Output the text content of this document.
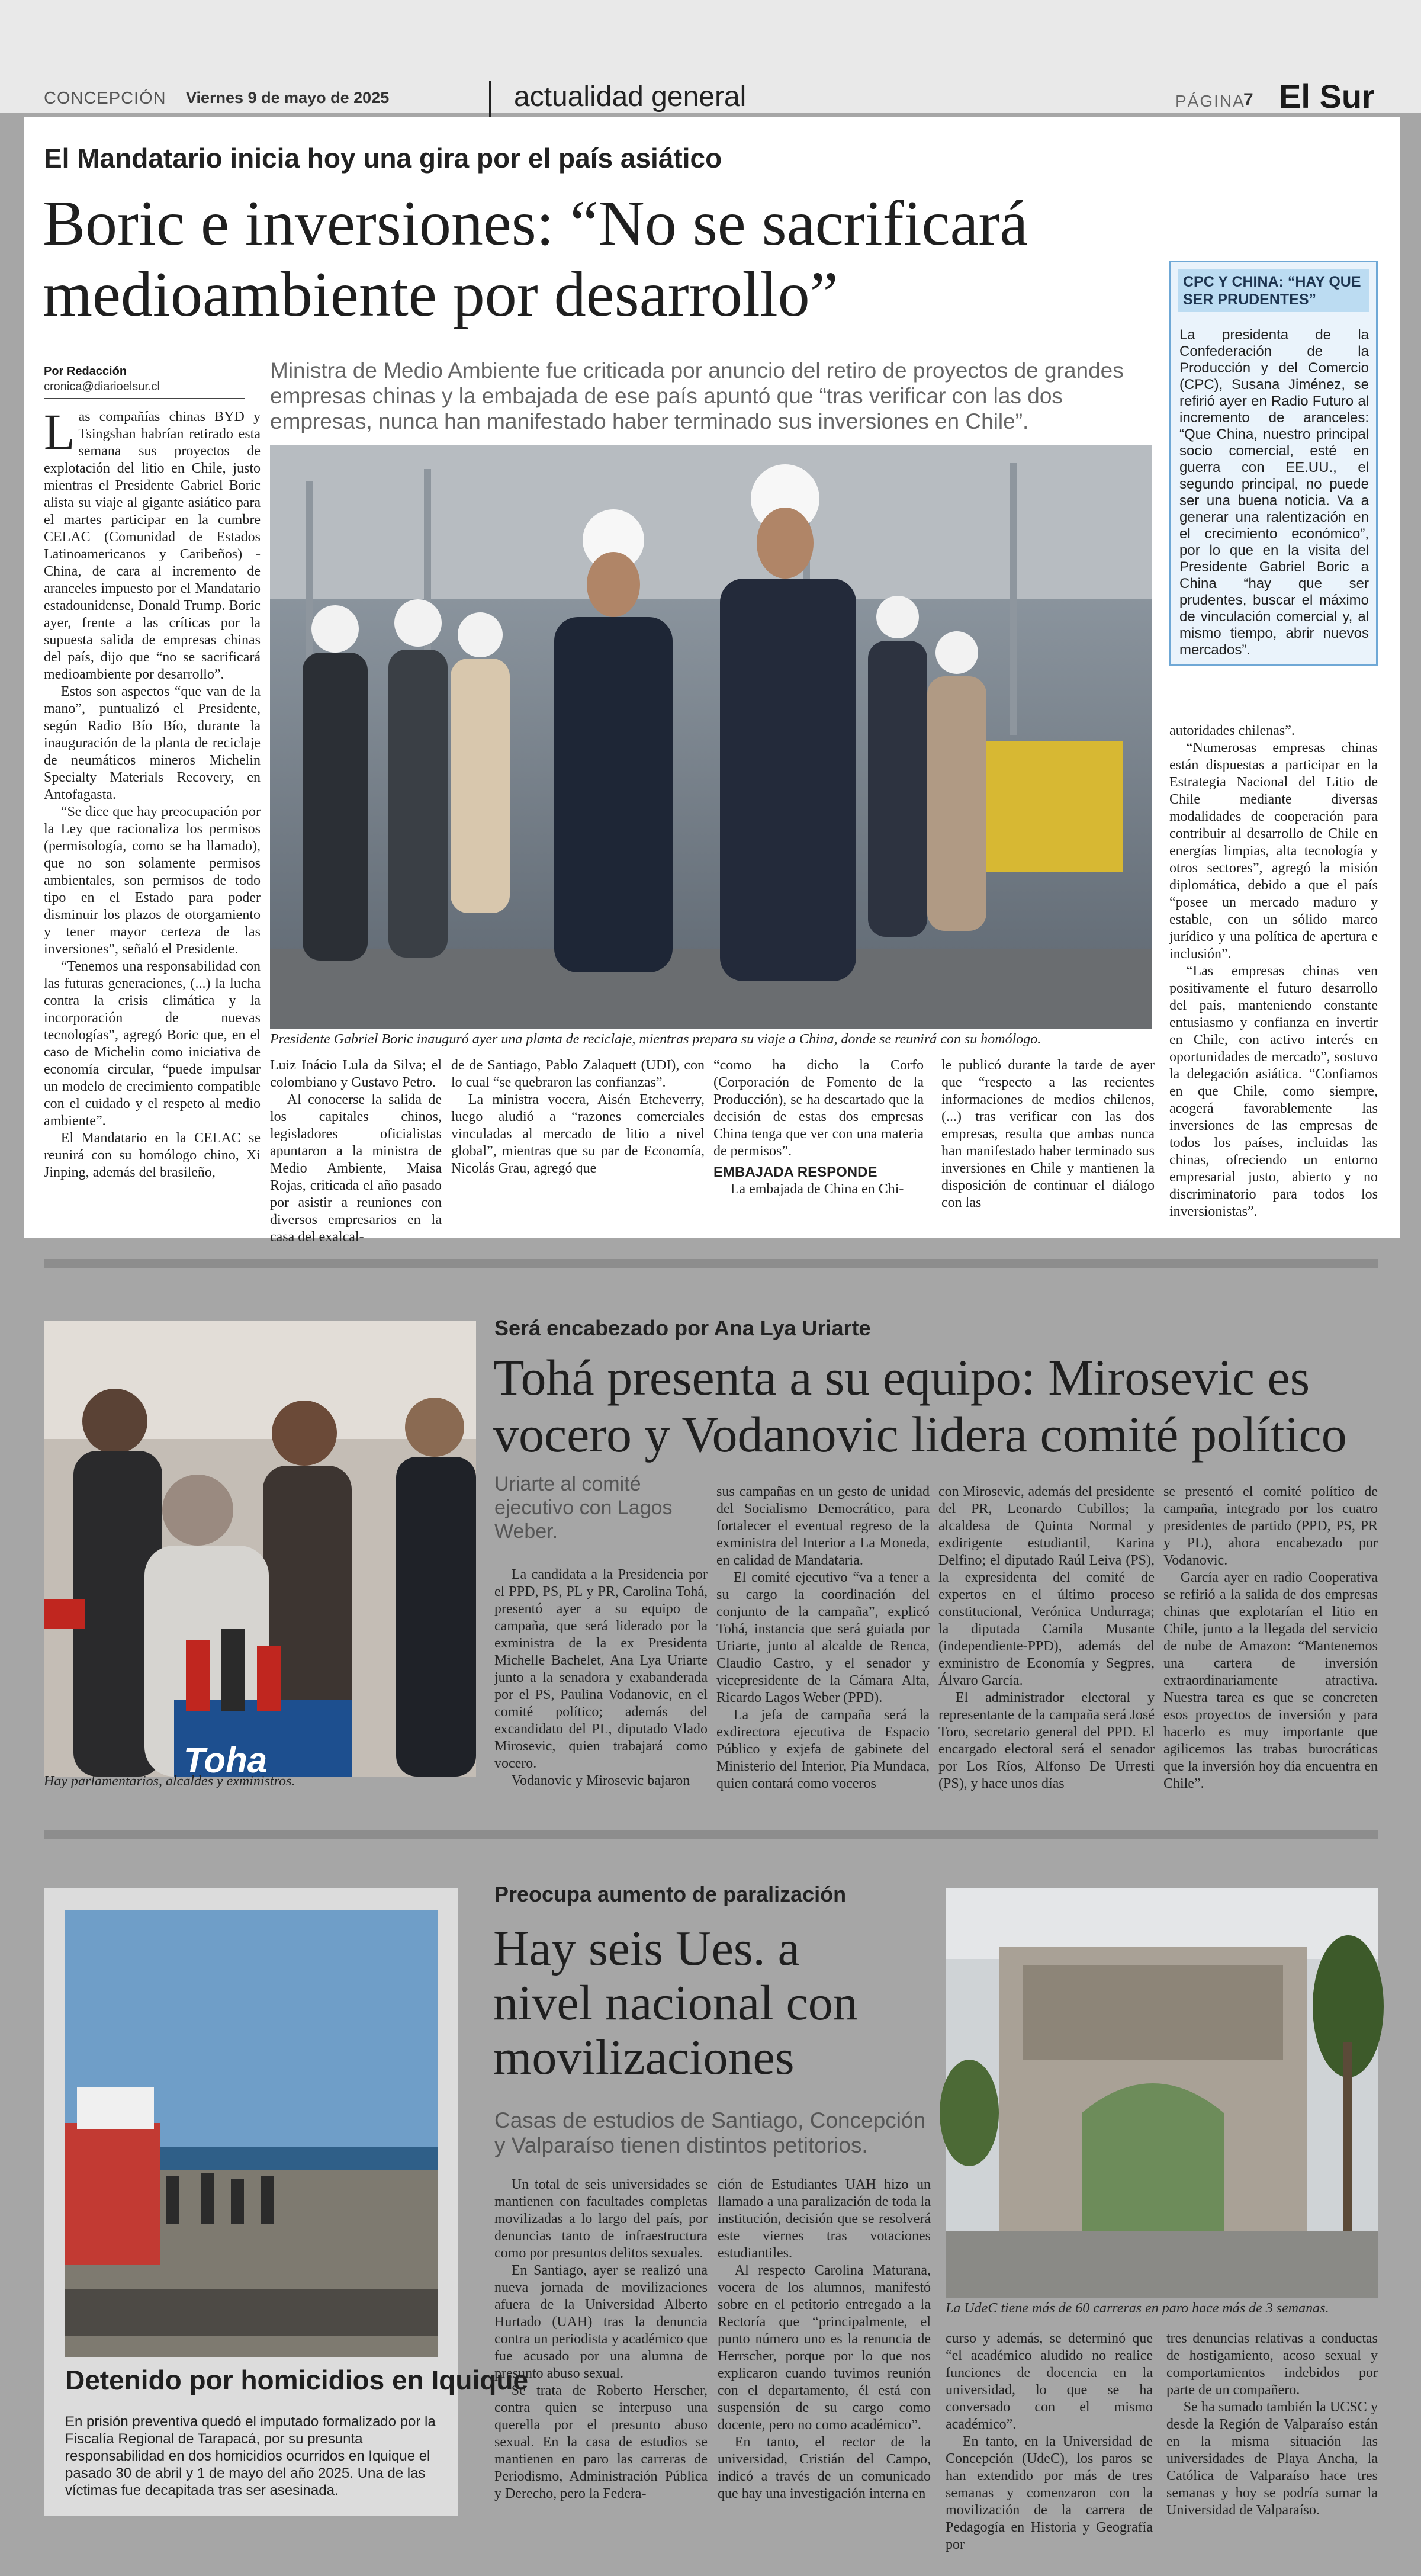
CONCEPCIÓN Viernes 9 de mayo de 2025	actualidad general	PÁGINA
7 El Sur
El Mandatario inicia hoy una gira por el país asiático
Boric e inversiones: “No se sacrificará
medioambiente por desarrollo”
Por Redacción
cronica@diarioelsur.cl
Ministra de Medio Ambiente fue criticada por anuncio del retiro de proyectos de grandes empresas chinas y la embajada de ese país apuntó que “tras verificar con las dos empresas, nunca han manifestado haber terminado sus inversiones en Chile”.

Las compañías chinas BYD y Tsingshan habrían retirado esta semana sus proyectos de explotación del litio en Chile, justo mientras el Presidente Gabriel Boric alista su viaje al gigante asiático para el martes participar en la cumbre CELAC (Comunidad de Estados Latinoamericanos y Caribeños) - China, de cara al incremento de aranceles impuesto por el Mandatario estadounidense, Donald Trump. Boric ayer, frente a las críticas por la supuesta salida de empresas chinas del país, dijo que “no se sacrificará medioambiente por desarrollo”.

Estos son aspectos “que van de la mano”, puntualizó el Presidente, según Radio Bío Bío, durante la inauguración de la planta de reciclaje de neumáticos mineros Michelin Specialty Materials Recovery, en Antofagasta.

“Se dice que hay preocupación por la Ley que racionaliza los permisos (permisología, como se ha llamado), que no son solamente permisos ambientales, son permisos de todo tipo en el Estado para poder disminuir los plazos de otorgamiento y tener mayor certeza de las inversiones”, señaló el Presidente.

“Tenemos una responsabilidad con las futuras generaciones, (...) la lucha contra la crisis climática y la incorporación de nuevas tecnologías”, agregó Boric que, en el caso de Michelin como iniciativa de economía circular, “puede impulsar un modelo de crecimiento compatible con el cuidado y el respeto al medio ambiente”.

El Mandatario en la CELAC se reunirá con su homólogo chino, Xi Jinping, además del brasileño,

Presidente Gabriel Boric inauguró ayer una planta de reciclaje, mientras prepara su viaje a China, donde se reunirá con su homólogo.

Luiz Inácio Lula da Silva; el colombiano y Gustavo Petro.

Al conocerse la salida de los capitales chinos, legisladores oficialistas apuntaron a la ministra de Medio Ambiente, Maisa Rojas, criticada el año pasado por asistir a reuniones con diversos empresarios en la casa del exalcal-

de de Santiago, Pablo Zalaquett (UDI), con lo cual “se quebraron las confianzas”.

La ministra vocera, Aisén Etcheverry, luego aludió a “razones comerciales vinculadas al mercado de litio a nivel global”, mientras que su par de Economía, Nicolás Grau, agregó que

“como ha dicho la Corfo (Corporación de Fomento de la Producción), se ha descartado que la decisión de estas dos empresas China tenga que ver con una materia de permisos”.

EMBAJADA RESPONDE

La embajada de China en Chi-

le publicó durante la tarde de ayer que “respecto a las recientes informaciones de medios chilenos, (...) tras verificar con las dos empresas, resulta que ambas nunca han manifestado haber terminado sus inversiones en Chile y mantienen la disposición de continuar el diálogo con las

autoridades chilenas”.

“Numerosas empresas chinas están dispuestas a participar en la Estrategia Nacional del Litio de Chile mediante diversas modalidades de cooperación para contribuir al desarrollo de Chile en energías limpias, alta tecnología y otros sectores”, agregó la misión diplomática, debido a que el país “posee un mercado maduro y estable, con un sólido marco jurídico y una política de apertura e inclusión”.

“Las empresas chinas ven positivamente el futuro desarrollo del país, manteniendo constante entusiasmo y confianza en invertir en Chile, con activo interés en oportunidades de mercado”, sostuvo la delegación asiática. “Confiamos en que Chile, como siempre, acogerá favorablemente las inversiones de las empresas de todos los países, incluidas las chinas, ofreciendo un entorno empresarial justo, abierto y no discriminatorio para todos los inversionistas”.

CPC Y CHINA: “HAY QUE SER PRUDENTES”
La presidenta de la Confederación de la Producción y del Comercio (CPC), Susana Jiménez, se refirió ayer en Radio Futuro al incremento de aranceles: “Que China, nuestro principal socio comercial, esté en guerra con EE.UU., el segundo principal, no puede ser una buena noticia. Va a generar una ralentización en el crecimiento económico”, por lo que en la visita del Presidente Gabriel Boric a China “hay que ser prudentes, buscar el máximo de vinculación comercial y, al mismo tiempo, abrir nuevos mercados”.
Toha
Hay parlamentarios, alcaldes y exministros.
Será encabezado por Ana Lya Uriarte
Tohá presenta a su equipo: Mirosevic es
vocero y Vodanovic lidera comité político
Uriarte al comité ejecutivo con Lagos Weber.

La candidata a la Presidencia por el PPD, PS, PL y PR, Carolina Tohá, presentó ayer a su equipo de campaña, que será liderado por la exministra de la ex Presidenta Michelle Bachelet, Ana Lya Uriarte junto a la senadora y exabanderada por el PS, Paulina Vodanovic, en el comité político; además del excandidato del PL, diputado Vlado Mirosevic, quien trabajará como vocero.

Vodanovic y Mirosevic bajaron

sus campañas en un gesto de unidad del Socialismo Democrático, para fortalecer el eventual regreso de la exministra del Interior a La Moneda, en calidad de Mandataria.

El comité ejecutivo “va a tener a su cargo la coordinación del conjunto de la campaña”, explicó Tohá, instancia que será guiada por Uriarte, junto al alcalde de Renca, Claudio Castro, y el senador y vicepresidente de la Cámara Alta, Ricardo Lagos Weber (PPD).

La jefa de campaña será la exdirectora ejecutiva de Espacio Público y exjefa de gabinete del Ministerio del Interior, Pía Mundaca, quien contará como voceros

con Mirosevic, además del presidente del PR, Leonardo Cubillos; la alcaldesa de Quinta Normal y exdirigente estudiantil, Karina Delfino; el diputado Raúl Leiva (PS), la expresidenta del comité de expertos en el último proceso constitucional, Verónica Undurraga; la diputada Camila Musante (independiente-PPD), además del exministro de Economía y Segpres, Álvaro García.

El administrador electoral y representante de la campaña será José Toro, secretario general del PPD. El encargado electoral será el senador por Los Ríos, Alfonso De Urresti (PS), y hace unos días

se presentó el comité político de campaña, integrado por los cuatro presidentes de partido (PPD, PS, PR y PL), ahora encabezado por Vodanovic.

García ayer en radio Cooperativa se refirió a la salida de dos empresas chinas que explotarían el litio en Chile, junto a la llegada del servicio de nube de Amazon: “Mantenemos una cartera de inversión extraordinariamente atractiva. Nuestra tarea es que se concreten esos proyectos de inversión y para hacerlo es muy importante que agilicemos las trabas burocráticas que la inversión hoy día encuentra en Chile”.

Detenido por homicidios en Iquique
En prisión preventiva quedó el imputado formalizado por la Fiscalía Regional de Tarapacá, por su presunta responsabilidad en dos homicidios ocurridos en Iquique el pasado 30 de abril y 1 de mayo del año 2025. Una de las víctimas fue decapitada tras ser asesinada.
Preocupa aumento de paralización
Hay seis Ues. a
nivel nacional con
movilizaciones
Casas de estudios de Santiago, Concepción y Valparaíso tienen distintos petitorios.
La UdeC tiene más de 60 carreras en paro hace más de 3 semanas.

Un total de seis universidades se mantienen con facultades completas movilizadas a lo largo del país, por denuncias tanto de infraestructura como por presuntos delitos sexuales.

En Santiago, ayer se realizó una nueva jornada de movilizaciones afuera de la Universidad Alberto Hurtado (UAH) tras la denuncia contra un periodista y académico que fue acusado por una alumna de presunto abuso sexual.

Se trata de Roberto Herscher, contra quien se interpuso una querella por el presunto abuso sexual. En la casa de estudios se mantienen en paro las carreras de Periodismo, Administración Pública y Derecho, pero la Federa-

ción de Estudiantes UAH hizo un llamado a una paralización de toda la institución, decisión que se resolverá este viernes tras votaciones estudiantiles.

Al respecto Carolina Maturana, vocera de los alumnos, manifestó sobre en el petitorio entregado a la Rectoría que “principalmente, el punto número uno es la renuncia de Herrscher, porque por lo que nos explicaron cuando tuvimos reunión con el departamento, él está con suspensión de su cargo como docente, pero no como académico”.

En tanto, el rector de la universidad, Cristián del Campo, indicó a través de un comunicado que hay una investigación interna en

curso y además, se determinó que “el académico aludido no realice funciones de docencia en la universidad, lo que se ha conversado con el mismo académico”.

En tanto, en la Universidad de Concepción (UdeC), los paros se han extendido por más de tres semanas y comenzaron con la movilización de la carrera de Pedagogía en Historia y Geografía por

tres denuncias relativas a conductas de hostigamiento, acoso sexual y comportamientos indebidos por parte de un compañero.

Se ha sumado también la UCSC y desde la Región de Valparaíso están en la misma situación las universidades de Playa Ancha, la Católica de Valparaíso hace tres semanas y hoy se podría sumar la Universidad de Valparaíso.
